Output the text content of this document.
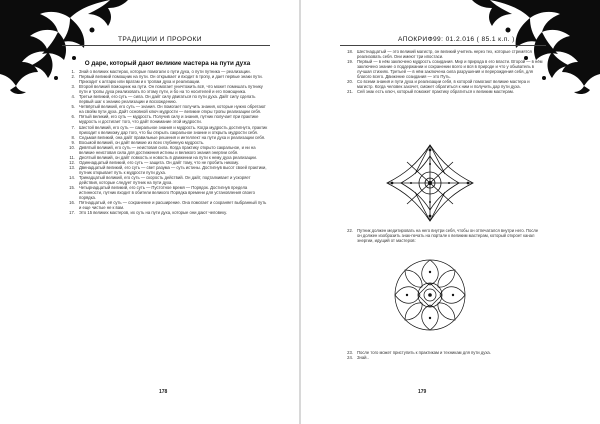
ТРАДИЦИИ И ПРОРОКИ
О даре, который дают великие мастера на пути духа
1. Знай о великих мастерах, которые помогали о пути духа, о пути путника — реализации.
2. Первый великий помощник на пути. Он открывает и входит в тропу, и дает первые знаки пути. Приходит к алтарю или вратам и к тропам духа и реализации.
3. Второй великий помощник на пути. Он помогает уничтожить всё, что может помешать путнику пути и тропы духа реализовать по этому пути, и бо на то носителей и его помощника.
4. Третьи великий, его суть — сила. Он дайт силу двигаться по пути духа. Дайт силу сделать первый шаг к знанию реализации и восхождению.
5. Четвёртый великий, его суть — знания. Он помогает получить знания, которые нужно обретают на свойм пути духа. Дайт основной ключ мудрости — великие откры тропы реализации себя.
6. Пятый великий, его суть — мудрость. Получив силу и знания, путник получает при практике мудрость и достигает того, что дайт понимание этой мудрости.
7. Шестой великий, его суть — сакральное знания и мудрость. Когда мудрость достигнута, практик приходит к великому дар того, что бы открыть сакральное знание и открыть мудрости себя.
8. Седьмая великий, она дайт правильные решения и интеллект на пути духа и реализации себя.
9. Восьмой великий, он дайт великие из всех глубинную мудрость.
10. Девятый великий, его суть — неистовая сила. Когда практику открыто сакральное, и ни на великие неистовая сила для достижения истины и великого знания энергии себя.
11. Десятый великий, он дайт ловкость и новость в движении на пути к нему духа реализации.
12. Одиннадцатый великий, его суть — защита. Он дайт тому, что не пробить никому.
13. Двенадцатый великий, его суть — свет разума — суть истины. Достигнув высот своей практики, путник открывает путь к мудрости пути духа.
14. Тринадцатый великий, его суть — скорость действий. Он дайт, подталкивает и ускоряет действия, которые следует путник на пути духа.
15. Четырнадцатый великий, его суть — Пустотное время — Порядок. Достигнув предела истинности, путник входит в обители великого Порядка времени для установления своего порядка.
16. Пятнадцатый, её суть — сохранение и расширение. Она помогает и сохраняет выбранный путь и еще чистые не к вам.
17. Это 15 великих мастеров, их суть на пути духа, которые они дают человеку.
178
АПОКРИФ99: 01.2.016 ( 85.1 к.п. )
179
18. Шестнадцатый — это великий магистр, он великий учитель нерез тех, которые стремятся реализовать себя. Они имеют три ипостаси.
19. Первый — в нём заключено мудрость созидания. Мир и природа в его власти. Второй — в нём заключено знание о поддержании и сохранении всего и вся в природе и что у обыватель в лучшая стихиях. Третьей — в нём заключена сила разрушения и перерождения себя, для благого всего. Движение созидания — это Путь.
20. Со всеми знания и пути духа и реализации себя, в которой помогают великие мастера и магистр. Когда человек захочет, сможет обратиться к ним и получить дар пути духа.
21. Сей знак есть ключ, который поможет практику обратиться к великим мастерам.
22. Путник должен медитировать на него внутри себя, чтобы он отпечатался внутри него. После он должен изобразить знак-печать на портале к великим мастерам, который откроет канал энергии, идущий от мастеров:
23. После того может приступить к практикам и техникам для пути духа.
24. Знай..
